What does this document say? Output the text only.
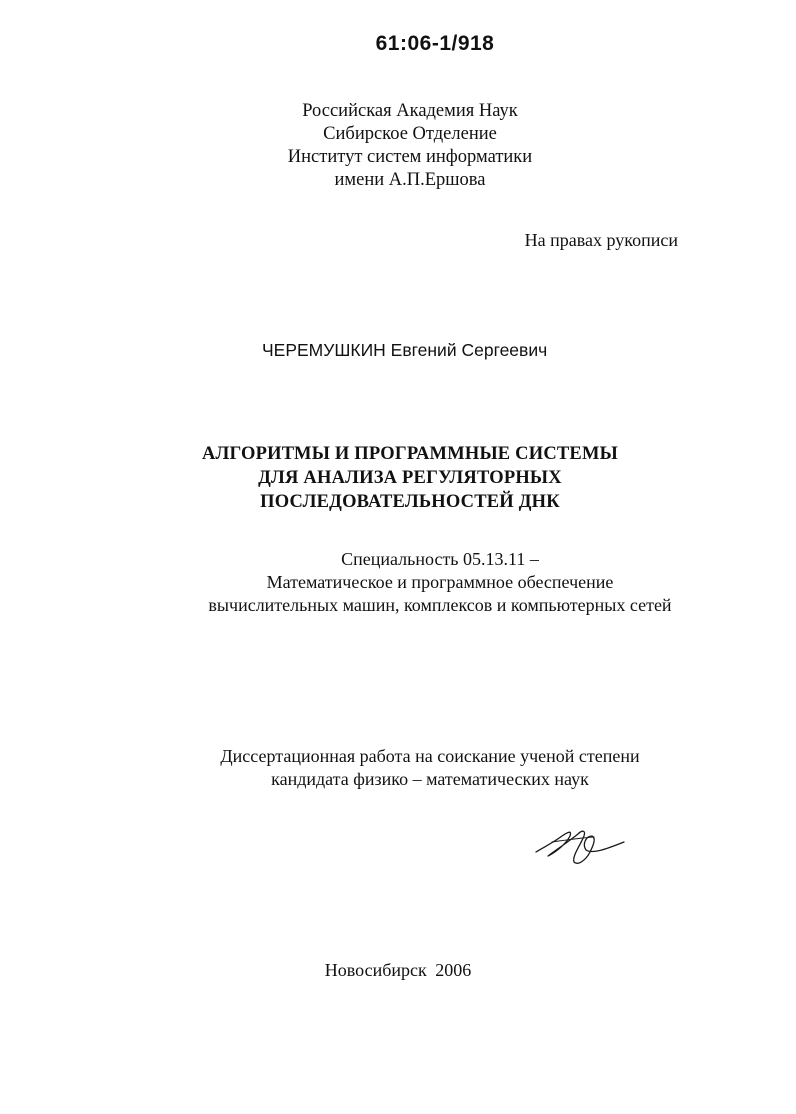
61:06-1/918
Российская Академия Наук
Сибирское Отделение
Институт систем информатики
имени А.П.Ершова
На правах рукописи
ЧЕРЕМУШКИН Евгений Сергеевич
АЛГОРИТМЫ И ПРОГРАММНЫЕ СИСТЕМЫ
ДЛЯ АНАЛИЗА РЕГУЛЯТОРНЫХ
ПОСЛЕДОВАТЕЛЬНОСТЕЙ ДНК
Специальность 05.13.11 –
Математическое и программное обеспечение
вычислительных машин, комплексов и компьютерных сетей
Диссертационная работа на соискание ученой степени
кандидата физико – математических наук
Новосибирск 2006
